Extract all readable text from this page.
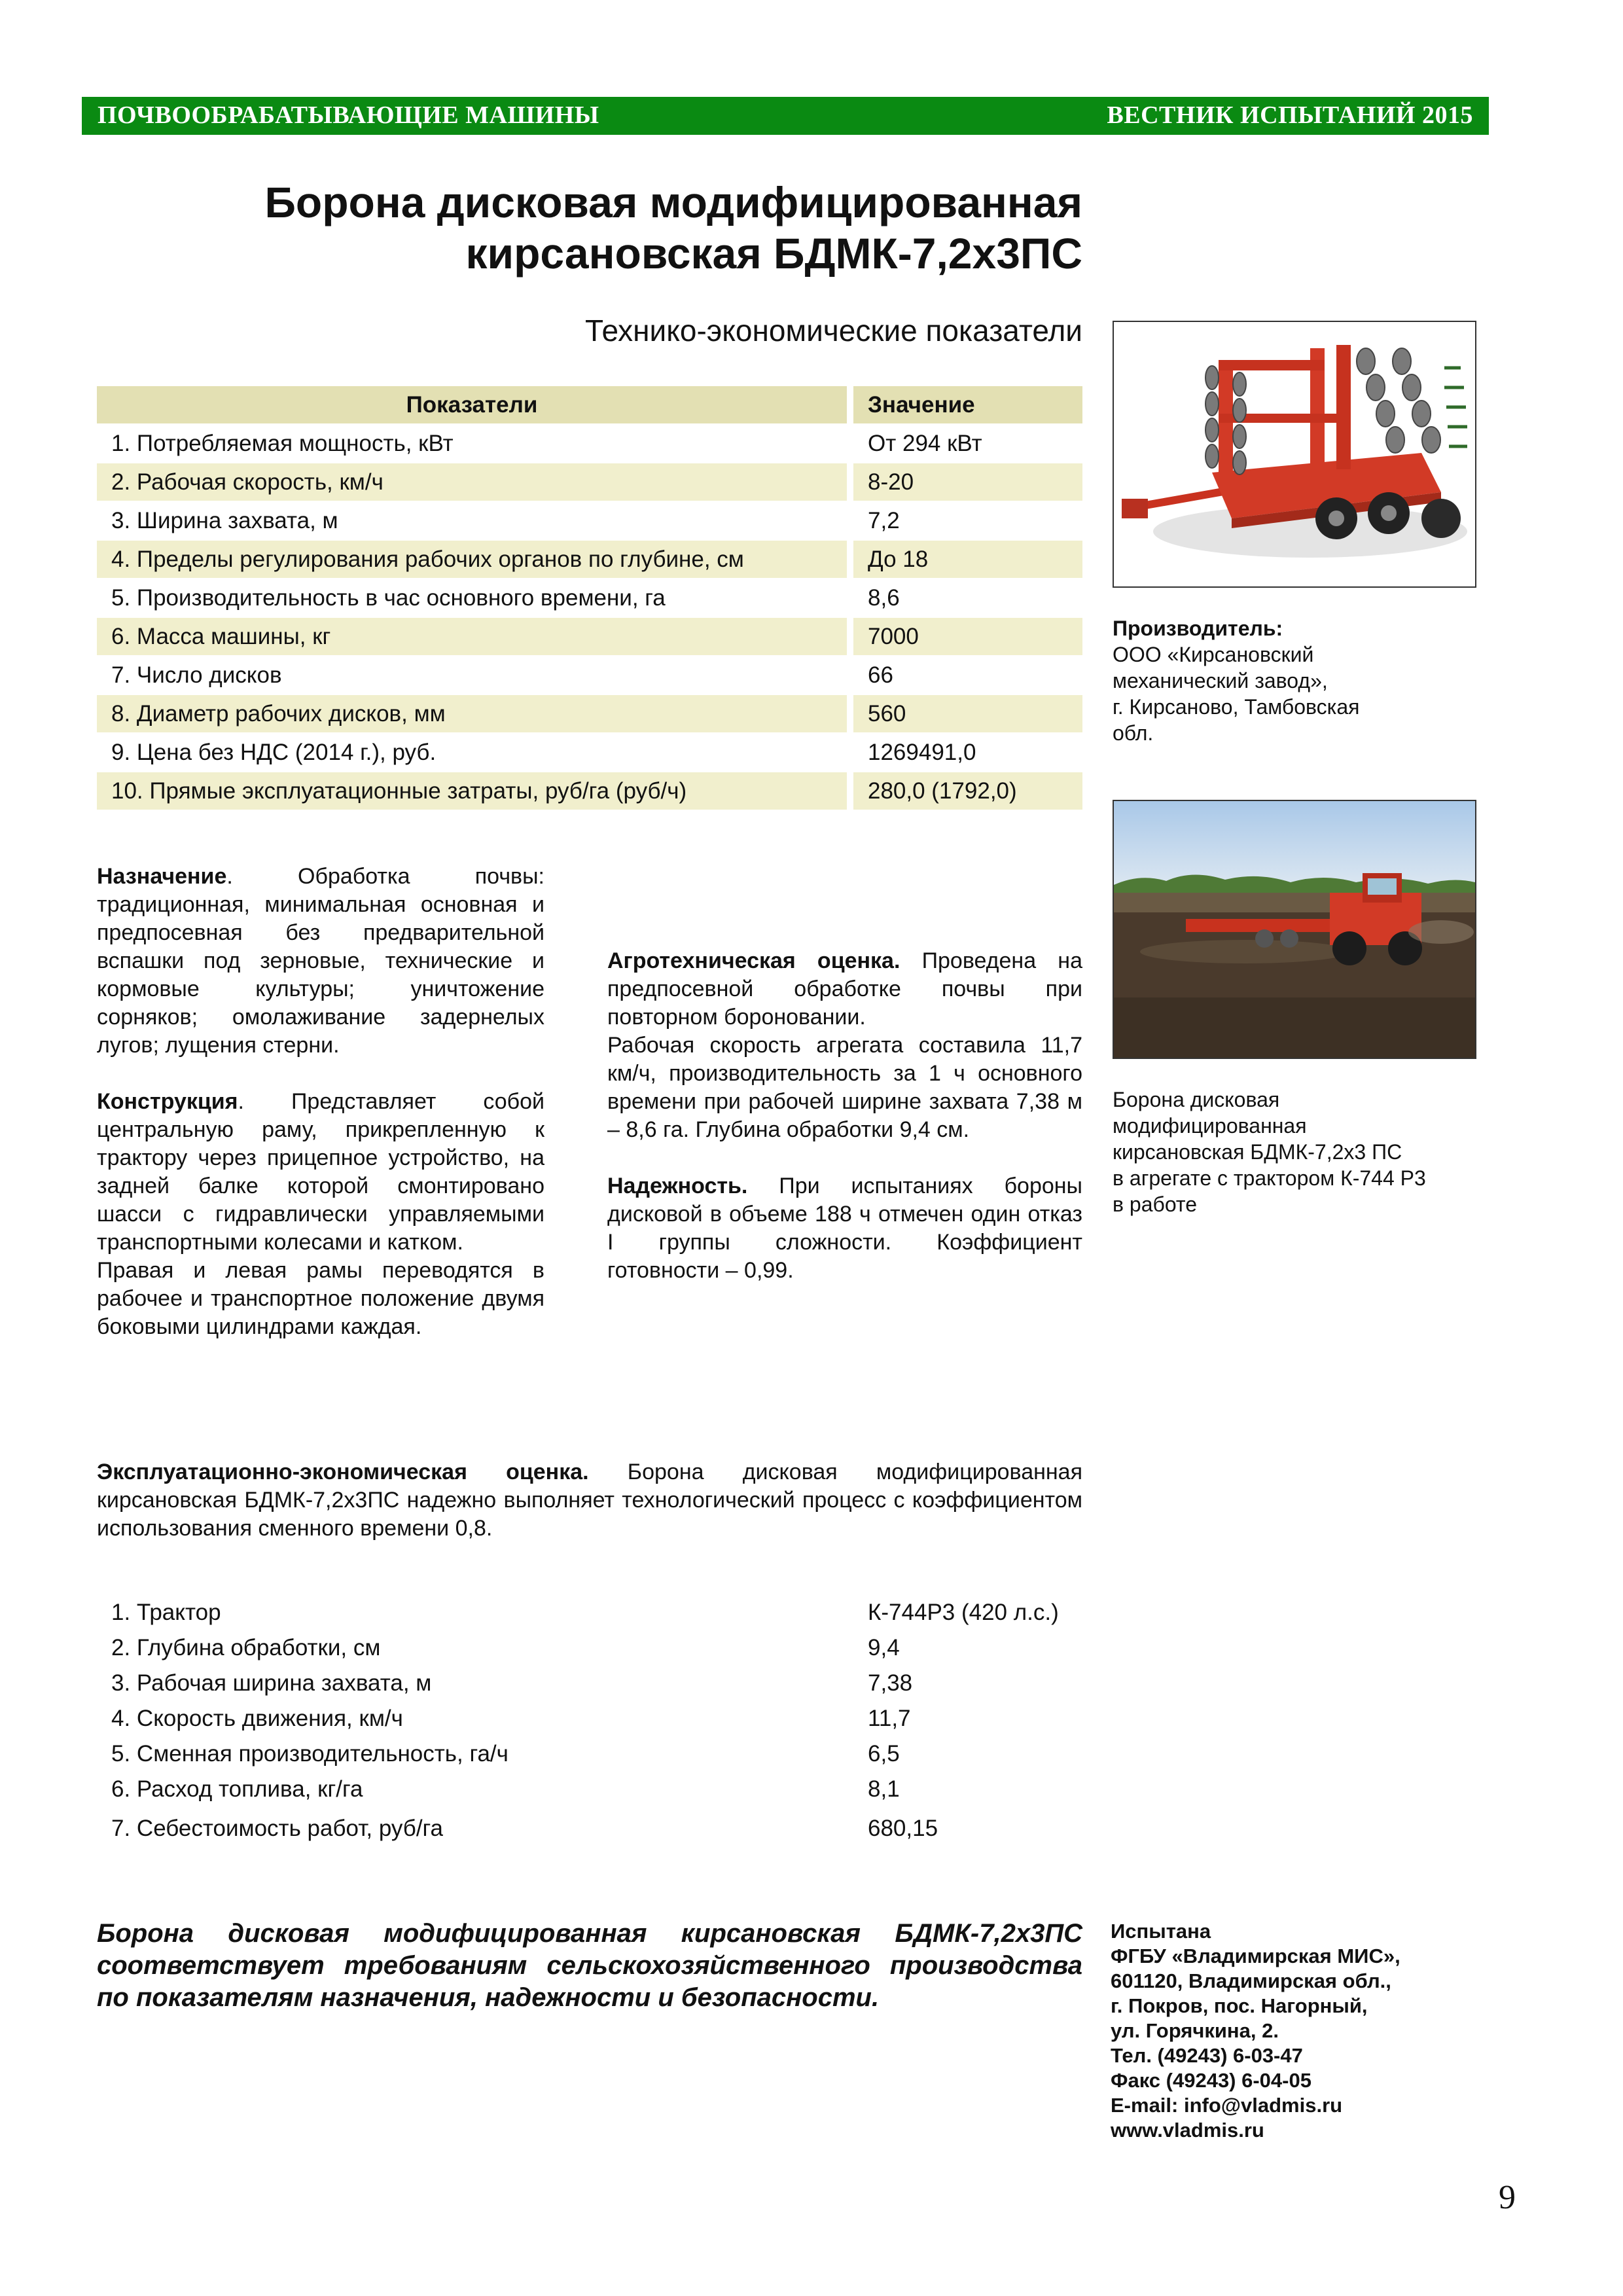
ПОЧВООБРАБАТЫВАЮЩИЕ МАШИНЫ	ВЕСТНИК ИСПЫТАНИЙ 2015
Борона дисковая модифицированная
кирсановская БДМК-7,2х3ПС
Технико-экономические показатели
Показатели	Значение
1. Потребляемая мощность, кВт	От 294 кВт
2. Рабочая скорость, км/ч	8-20
3. Ширина захвата, м	7,2
4. Пределы регулирования рабочих органов по глубине, см	До 18
5. Производительность в час основного времени, га	8,6
6. Масса машины, кг	7000
7. Число дисков	66
8. Диаметр рабочих дисков, мм	560
9. Цена без НДС (2014 г.), руб.	1269491,0
10. Прямые эксплуатационные затраты, руб/га (руб/ч)	280,0 (1792,0)

Назначение. Обработка почвы: традиционная, минимальная основная и предпосевная без предварительной вспашки под зерновые, технические и кормовые культуры; уничтожение сорняков; омолаживание задернелых лугов; лущения стерни.

Конструкция. Представляет собой центральную раму, прикрепленную к трактору через прицепное устройство, на задней балке которой смонтировано шасси с гидравлически управляемыми транспортными колесами и катком.

Правая и левая рамы переводятся в рабочее и транспортное положение двумя боковыми цилиндрами каждая.

Агротехническая оценка. Проведена на предпосевной обработке почвы при повторном бороновании.

Рабочая скорость агрегата составила 11,7 км/ч, производительность за 1 ч основного времени при рабочей ширине захвата 7,38 м – 8,6 га. Глубина обработки 9,4 см.

Надежность. При испытаниях бороны дисковой в объеме 188 ч отмечен один отказ I группы сложности. Коэффициент готовности – 0,99.

Эксплуатационно-экономическая оценка. Борона дисковая модифицированная кирсановская БДМК-7,2х3ПС надежно выполняет технологический процесс с коэффициентом использования сменного времени 0,8.
1. Трактор	К-744Р3 (420 л.с.)
2. Глубина обработки, см	9,4
3. Рабочая ширина захвата, м	7,38
4. Скорость движения, км/ч	11,7
5. Сменная производительность, га/ч	6,5
6. Расход топлива, кг/га	8,1
7. Себестоимость работ, руб/га	680,15
Борона дисковая модифицированная кирсановская БДМК-7,2х3ПС соответствует требованиям сельскохозяйственного производства по показателям назначения, надежности и безопасности.
Производитель:
ООО «Кирсановский
механический завод»,
г. Кирсаново, Тамбовская
обл.
Борона дисковая
модифицированная
кирсановская БДМК-7,2х3 ПС
в агрегате с трактором К-744 Р3
в работе
Испытана
ФГБУ «Владимирская МИС»,
601120, Владимирская обл.,
г. Покров, пос. Нагорный,
ул. Горячкина, 2.
Тел. (49243) 6-03-47
Факс (49243) 6-04-05
E-mail: info@vladmis.ru
www.vladmis.ru
9
